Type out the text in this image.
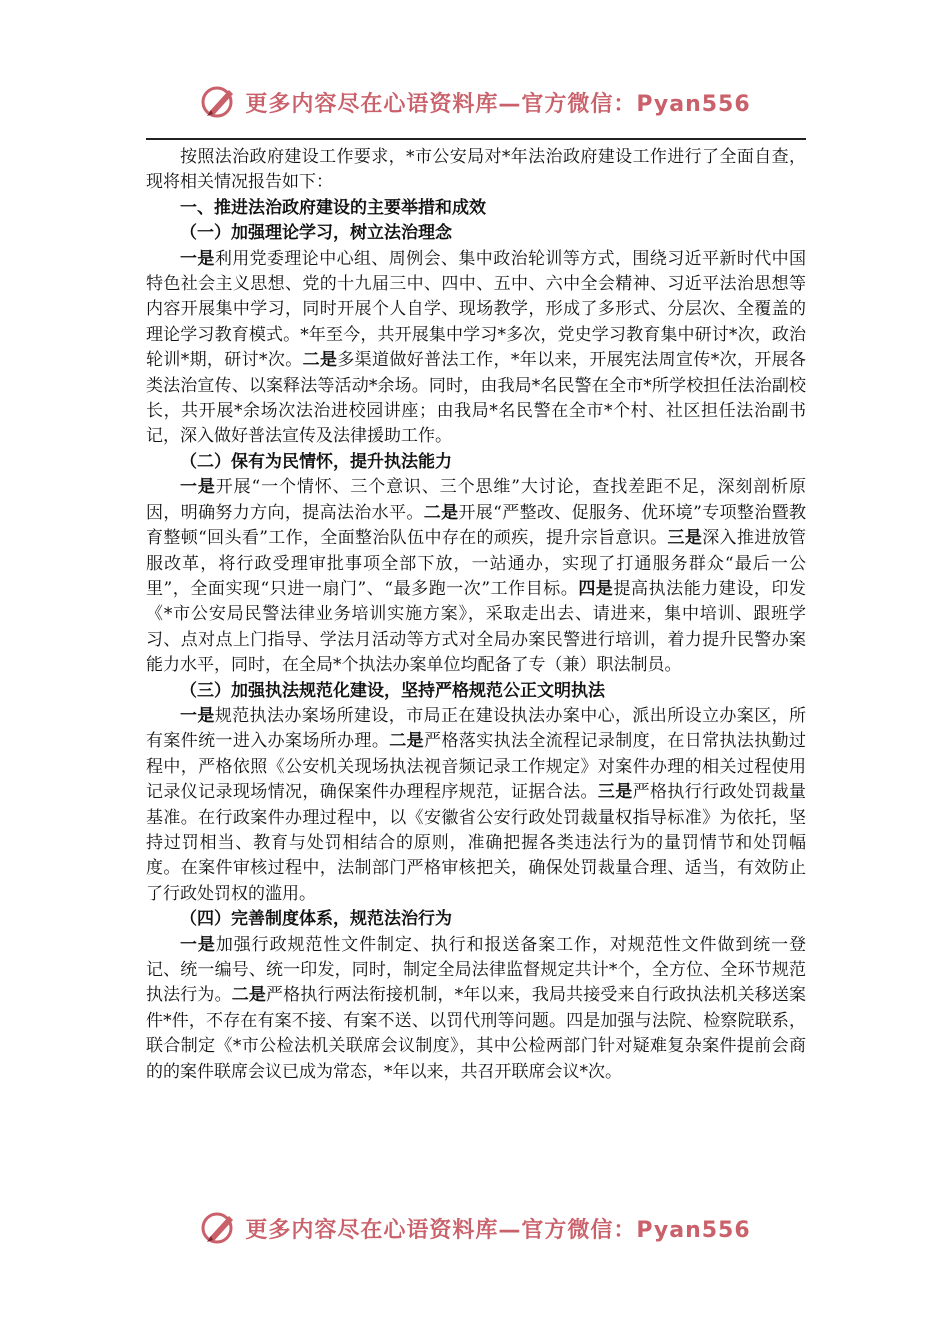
更多内容尽在心语资料库—官方微信：Pyan556

按照法治政府建设工作要求，*市公安局对*年法治政府建设工作进行了全面自查，现将相关情况报告如下：

一、推进法治政府建设的主要举措和成效
（一）加强理论学习，树立法治理念

一是利用党委理论中心组、周例会、集中政治轮训等方式，围绕习近平新时代中国特色社会主义思想、党的十九届三中、四中、五中、六中全会精神、习近平法治思想等内容开展集中学习，同时开展个人自学、现场教学，形成了多形式、分层次、全覆盖的理论学习教育模式。*年至今，共开展集中学习*多次，党史学习教育集中研讨*次，政治轮训*期，研讨*次。二是多渠道做好普法工作，*年以来，开展宪法周宣传*次，开展各类法治宣传、以案释法等活动*余场。同时，由我局*名民警在全市*所学校担任法治副校长，共开展*余场次法治进校园讲座；由我局*名民警在全市*个村、社区担任法治副书记，深入做好普法宣传及法律援助工作。

（二）保有为民情怀，提升执法能力

一是开展“一个情怀、三个意识、三个思维”大讨论，查找差距不足，深刻剖析原因，明确努力方向，提高法治水平。二是开展“严整改、促服务、优环境”专项整治暨教育整顿“回头看”工作，全面整治队伍中存在的顽疾，提升宗旨意识。三是深入推进放管服改革，将行政受理审批事项全部下放，一站通办，实现了打通服务群众“最后一公里”，全面实现“只进一扇门”、“最多跑一次”工作目标。四是提高执法能力建设，印发《*市公安局民警法律业务培训实施方案》，采取走出去、请进来，集中培训、跟班学习、点对点上门指导、学法月活动等方式对全局办案民警进行培训，着力提升民警办案能力水平，同时，在全局*个执法办案单位均配备了专（兼）职法制员。

（三）加强执法规范化建设，坚持严格规范公正文明执法

一是规范执法办案场所建设，市局正在建设执法办案中心，派出所设立办案区，所有案件统一进入办案场所办理。二是严格落实执法全流程记录制度，在日常执法执勤过程中，严格依照《公安机关现场执法视音频记录工作规定》对案件办理的相关过程使用记录仪记录现场情况，确保案件办理程序规范，证据合法。三是严格执行行政处罚裁量基准。在行政案件办理过程中，以《安徽省公安行政处罚裁量权指导标准》为依托，坚持过罚相当、教育与处罚相结合的原则，准确把握各类违法行为的量罚情节和处罚幅度。在案件审核过程中，法制部门严格审核把关，确保处罚裁量合理、适当，有效防止了行政处罚权的滥用。

（四）完善制度体系，规范法治行为

一是加强行政规范性文件制定、执行和报送备案工作，对规范性文件做到统一登记、统一编号、统一印发，同时，制定全局法律监督规定共计*个，全方位、全环节规范执法行为。二是严格执行两法衔接机制，*年以来，我局共接受来自行政执法机关移送案件*件，不存在有案不接、有案不送、以罚代刑等问题。四是加强与法院、检察院联系，联合制定《*市公检法机关联席会议制度》，其中公检两部门针对疑难复杂案件提前会商的的案件联席会议已成为常态，*年以来，共召开联席会议*次。

更多内容尽在心语资料库—官方微信：Pyan556
